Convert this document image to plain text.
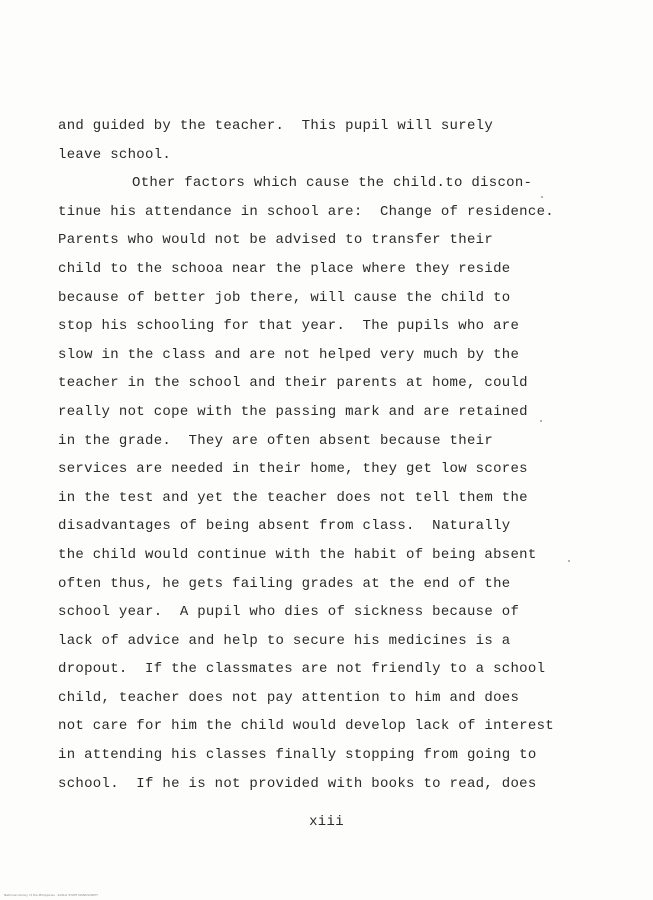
and guided by the teacher.  This pupil will surely
leave school.
Other factors which cause the child.to discon-
tinue his attendance in school are:  Change of residence.
Parents who would not be advised to transfer their
child to the schooa near the place where they reside
because of better job there, will cause the child to
stop his schooling for that year.  The pupils who are
slow in the class and are not helped very much by the
teacher in the school and their parents at home, could
really not cope with the passing mark and are retained
in the grade.  They are often absent because their
services are needed in their home, they get low scores
in the test and yet the teacher does not tell them the
disadvantages of being absent from class.  Naturally
the child would continue with the habit of being absent
often thus, he gets failing grades at the end of the
school year.  A pupil who dies of sickness because of
lack of advice and help to secure his medicines is a
dropout.  If the classmates are not friendly to a school
child, teacher does not pay attention to him and does
not care for him the child would develop lack of interest
in attending his classes finally stopping from going to
school.  If he is not provided with books to read, does
xiii
National Library of the Philippines · ILOILO STATE MANUSCRIPT
